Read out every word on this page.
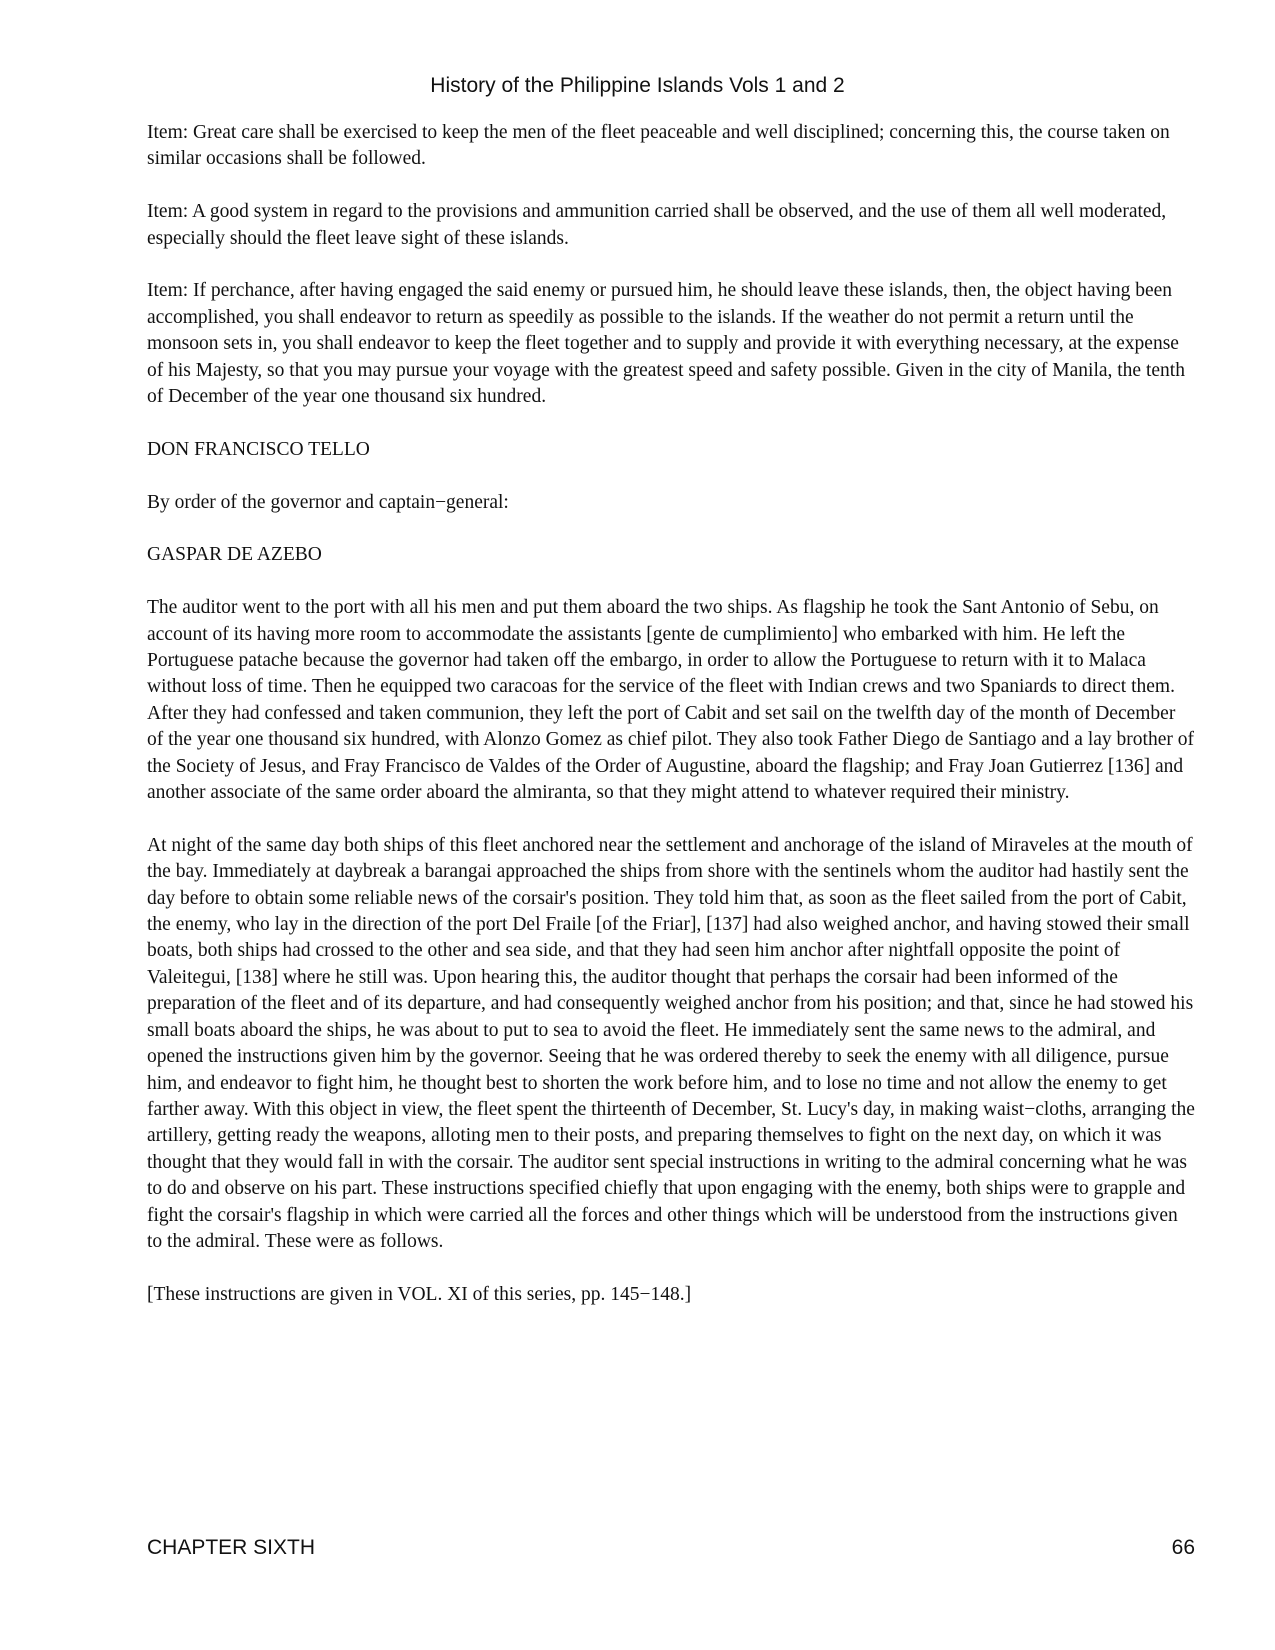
History of the Philippine Islands Vols 1 and 2

Item: Great care shall be exercised to keep the men of the fleet peaceable and well disciplined; concerning this, the course taken on similar occasions shall be followed.

Item: A good system in regard to the provisions and ammunition carried shall be observed, and the use of them all well moderated, especially should the fleet leave sight of these islands.

Item: If perchance, after having engaged the said enemy or pursued him, he should leave these islands, then, the object having been accomplished, you shall endeavor to return as speedily as possible to the islands. If the weather do not permit a return until the monsoon sets in, you shall endeavor to keep the fleet together and to supply and provide it with everything necessary, at the expense of his Majesty, so that you may pursue your voyage with the greatest speed and safety possible. Given in the city of Manila, the tenth of December of the year one thousand six hundred.

DON FRANCISCO TELLO

By order of the governor and captain−general:

GASPAR DE AZEBO

The auditor went to the port with all his men and put them aboard the two ships. As flagship he took the Sant Antonio of Sebu, on account of its having more room to accommodate the assistants [gente de cumplimiento] who embarked with him. He left the Portuguese patache because the governor had taken off the embargo, in order to allow the Portuguese to return with it to Malaca without loss of time. Then he equipped two caracoas for the service of the fleet with Indian crews and two Spaniards to direct them. After they had confessed and taken communion, they left the port of Cabit and set sail on the twelfth day of the month of December of the year one thousand six hundred, with Alonzo Gomez as chief pilot. They also took Father Diego de Santiago and a lay brother of the Society of Jesus, and Fray Francisco de Valdes of the Order of Augustine, aboard the flagship; and Fray Joan Gutierrez [136] and another associate of the same order aboard the almiranta, so that they might attend to whatever required their ministry.

At night of the same day both ships of this fleet anchored near the settlement and anchorage of the island of Miraveles at the mouth of the bay. Immediately at daybreak a barangai approached the ships from shore with the sentinels whom the auditor had hastily sent the day before to obtain some reliable news of the corsair's position. They told him that, as soon as the fleet sailed from the port of Cabit, the enemy, who lay in the direction of the port Del Fraile [of the Friar], [137] had also weighed anchor, and having stowed their small boats, both ships had crossed to the other and sea side, and that they had seen him anchor after nightfall opposite the point of Valeitegui, [138] where he still was. Upon hearing this, the auditor thought that perhaps the corsair had been informed of the preparation of the fleet and of its departure, and had consequently weighed anchor from his position; and that, since he had stowed his small boats aboard the ships, he was about to put to sea to avoid the fleet. He immediately sent the same news to the admiral, and opened the instructions given him by the governor. Seeing that he was ordered thereby to seek the enemy with all diligence, pursue him, and endeavor to fight him, he thought best to shorten the work before him, and to lose no time and not allow the enemy to get farther away. With this object in view, the fleet spent the thirteenth of December, St. Lucy's day, in making waist−cloths, arranging the artillery, getting ready the weapons, alloting men to their posts, and preparing themselves to fight on the next day, on which it was thought that they would fall in with the corsair. The auditor sent special instructions in writing to the admiral concerning what he was to do and observe on his part. These instructions specified chiefly that upon engaging with the enemy, both ships were to grapple and fight the corsair's flagship in which were carried all the forces and other things which will be understood from the instructions given to the admiral. These were as follows.

[These instructions are given in VOL. XI of this series, pp. 145−148.]

CHAPTER SIXTH	66
